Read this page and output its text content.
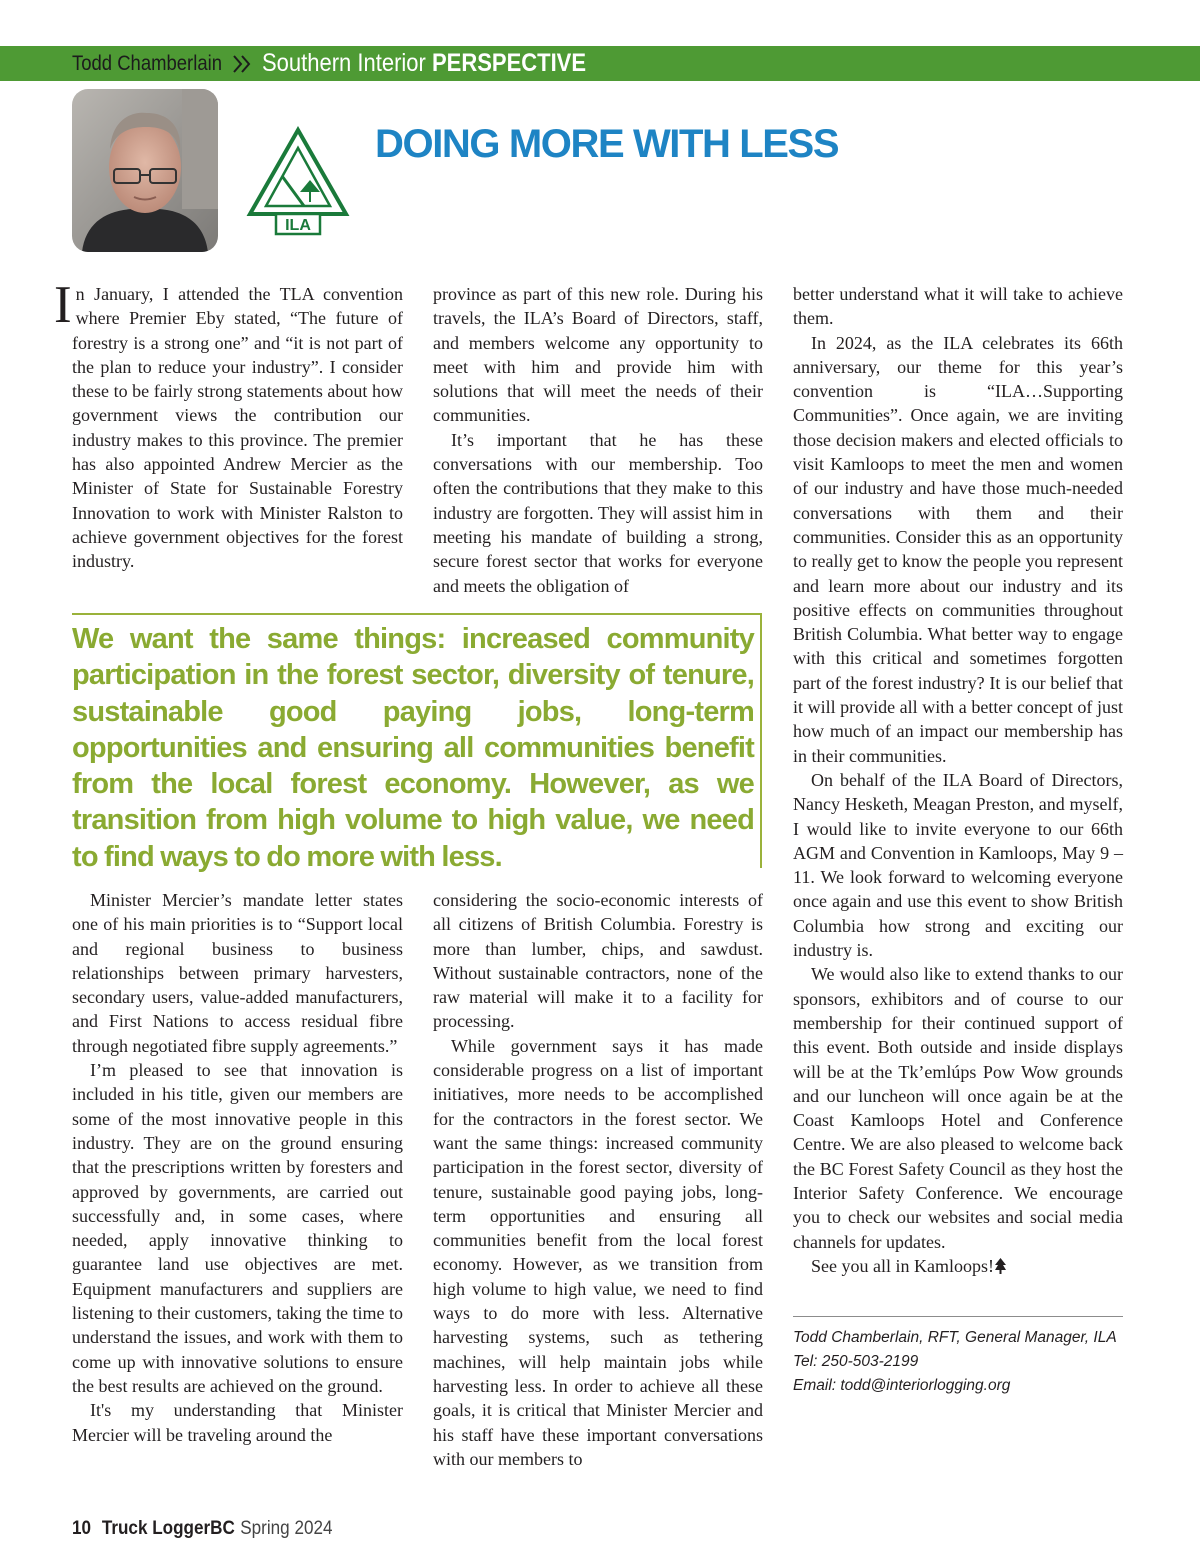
Todd Chamberlain Southern Interior PERSPECTIVE
ILA
DOING MORE WITH LESS

In January, I attended the TLA convention where Premier Eby stated, “The future of forestry is a strong one” and “it is not part of the plan to reduce your industry”. I consider these to be fairly strong statements about how government views the contribution our industry makes to this province. The premier has also appointed Andrew Mercier as the Minister of State for Sustainable Forestry Innovation to work with Minister Ralston to achieve government objectives for the forest industry.

province as part of this new role. During his travels, the ILA’s Board of Directors, staff, and members welcome any opportunity to meet with him and provide him with solutions that will meet the needs of their communities.

It’s important that he has these conversations with our membership. Too often the contributions that they make to this industry are forgotten. They will assist him in meeting his mandate of building a strong, secure forest sector that works for everyone and meets the obligation of

better understand what it will take to achieve them.

In 2024, as the ILA celebrates its 66th anniversary, our theme for this year’s convention is “ILA…Supporting Communities”. Once again, we are inviting those decision makers and elected officials to visit Kamloops to meet the men and women of our industry and have those much-needed conversations with them and their communities. Consider this as an opportunity to really get to know the people you represent and learn more about our industry and its positive effects on communities throughout British Columbia. What better way to engage with this critical and sometimes forgotten part of the forest industry? It is our belief that it will provide all with a better concept of just how much of an impact our membership has in their communities.

On behalf of the ILA Board of Directors, Nancy Hesketh, Meagan Preston, and myself, I would like to invite everyone to our 66th AGM and Convention in Kamloops, May 9 – 11. We look forward to welcoming everyone once again and use this event to show British Columbia how strong and exciting our industry is.

We would also like to extend thanks to our sponsors, exhibitors and of course to our membership for their continued support of this event. Both outside and inside displays will be at the Tk’emlúps Pow Wow grounds and our luncheon will once again be at the Coast Kamloops Hotel and Conference Centre. We are also pleased to welcome back the BC Forest Safety Council as they host the Interior Safety Conference. We encourage you to check our websites and social media channels for updates.

See you all in Kamloops!

We want the same things: increased community participation in the forest sector, diversity of tenure, sustainable good paying jobs, long-term opportunities and ensuring all communities benefit from the local forest economy. However, as we transition from high volume to high value, we need to find ways to do more with less.

Minister Mercier’s mandate letter states one of his main priorities is to “Support local and regional business to business relationships between primary harvesters, secondary users, value-added manufacturers, and First Nations to access residual fibre through negotiated fibre supply agreements.”

I’m pleased to see that innovation is included in his title, given our members are some of the most innovative people in this industry. They are on the ground ensuring that the prescriptions written by foresters and approved by governments, are carried out successfully and, in some cases, where needed, apply innovative thinking to guarantee land use objectives are met. Equipment manufacturers and suppliers are listening to their customers, taking the time to understand the issues, and work with them to come up with innovative solutions to ensure the best results are achieved on the ground.

It's my understanding that Minister Mercier will be traveling around the

considering the socio-economic interests of all citizens of British Columbia. Forestry is more than lumber, chips, and sawdust. Without sustainable contractors, none of the raw material will make it to a facility for processing.

While government says it has made considerable progress on a list of important initiatives, more needs to be accomplished for the contractors in the forest sector. We want the same things: increased community participation in the forest sector, diversity of tenure, sustainable good paying jobs, long-term opportunities and ensuring all communities benefit from the local forest economy. However, as we transition from high volume to high value, we need to find ways to do more with less. Alternative harvesting systems, such as tethering machines, will help maintain jobs while harvesting less. In order to achieve all these goals, it is critical that Minister Mercier and his staff have these important conversations with our members to

Todd Chamberlain, RFT, General Manager, ILA
Tel: 250-503-2199
Email: todd@interiorlogging.org
10 Truck LoggerBC Spring 2024
